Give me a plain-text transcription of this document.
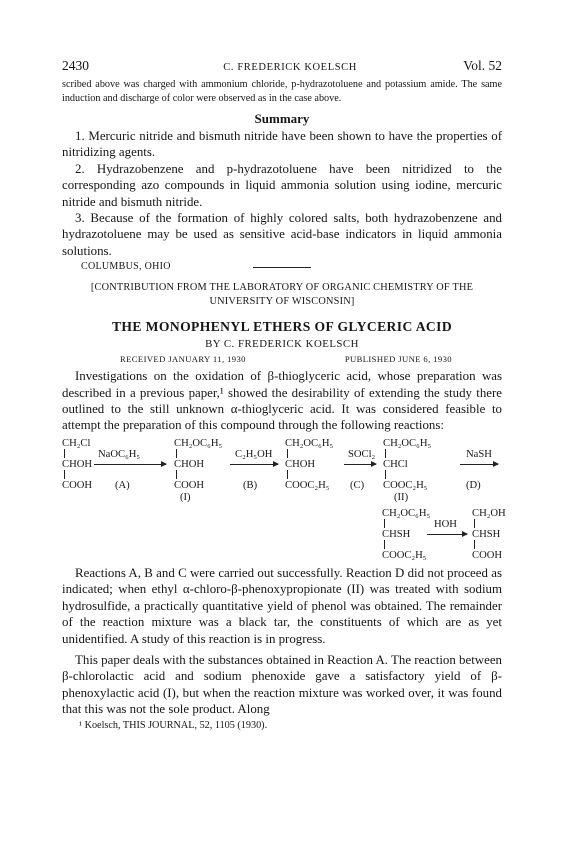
2430	C. FREDERICK KOELSCH	Vol. 52
scribed above was charged with ammonium chloride, p-hydrazotoluene and potassium amide. The same induction and discharge of color were observed as in the case above.
Summary

1. Mercuric nitride and bismuth nitride have been shown to have the properties of nitridizing agents.

2. Hydrazobenzene and p-hydrazotoluene have been nitridized to the corresponding azo compounds in liquid ammonia solution using iodine, mercuric nitride and bismuth nitride.

3. Because of the formation of highly colored salts, both hydrazobenzene and hydrazotoluene may be used as sensitive acid-base indicators in liquid ammonia solutions.

COLUMBUS, OHIO
[CONTRIBUTION FROM THE LABORATORY OF ORGANIC CHEMISTRY OF THE UNIVERSITY OF WISCONSIN]
THE MONOPHENYL ETHERS OF GLYCERIC ACID
BY C. FREDERICK KOELSCH
RECEIVED JANUARY 11, 1930	PUBLISHED JUNE 6, 1930

Investigations on the oxidation of β-thioglyceric acid, whose preparation was described in a previous paper,¹ showed the desirability of extending the study there outlined to the still unknown α-thioglyceric acid. It was considered feasible to attempt the preparation of this compound through the following reactions:

CH₂Cl
CHOH
COOH
NaOC₆H₅
(A)
CH₂OC₆H₅
CHOH
COOH
(I)
C₂H₅OH
(B)
CH₂OC₆H₅
CHOH
COOC₂H₅
SOCl₂
(C)
CH₂OC₆H₅
CHCl
COOC₂H₅
(II)
NaSH
(D)
CH₂OC₆H₅
CHSH
COOC₂H₅
HOH
CH₂OH
CHSH
COOH

Reactions A, B and C were carried out successfully. Reaction D did not proceed as indicated; when ethyl α-chloro-β-phenoxypropionate (II) was treated with sodium hydrosulfide, a practically quantitative yield of phenol was obtained. The remainder of the reaction mixture was a black tar, the constituents of which are as yet unidentified. A study of this reaction is in progress.

This paper deals with the substances obtained in Reaction A. The reaction between β-chlorolactic acid and sodium phenoxide gave a satisfactory yield of β-phenoxylactic acid (I), but when the reaction mixture was worked over, it was found that this was not the sole product. Along

¹ Koelsch, THIS JOURNAL, 52, 1105 (1930).
